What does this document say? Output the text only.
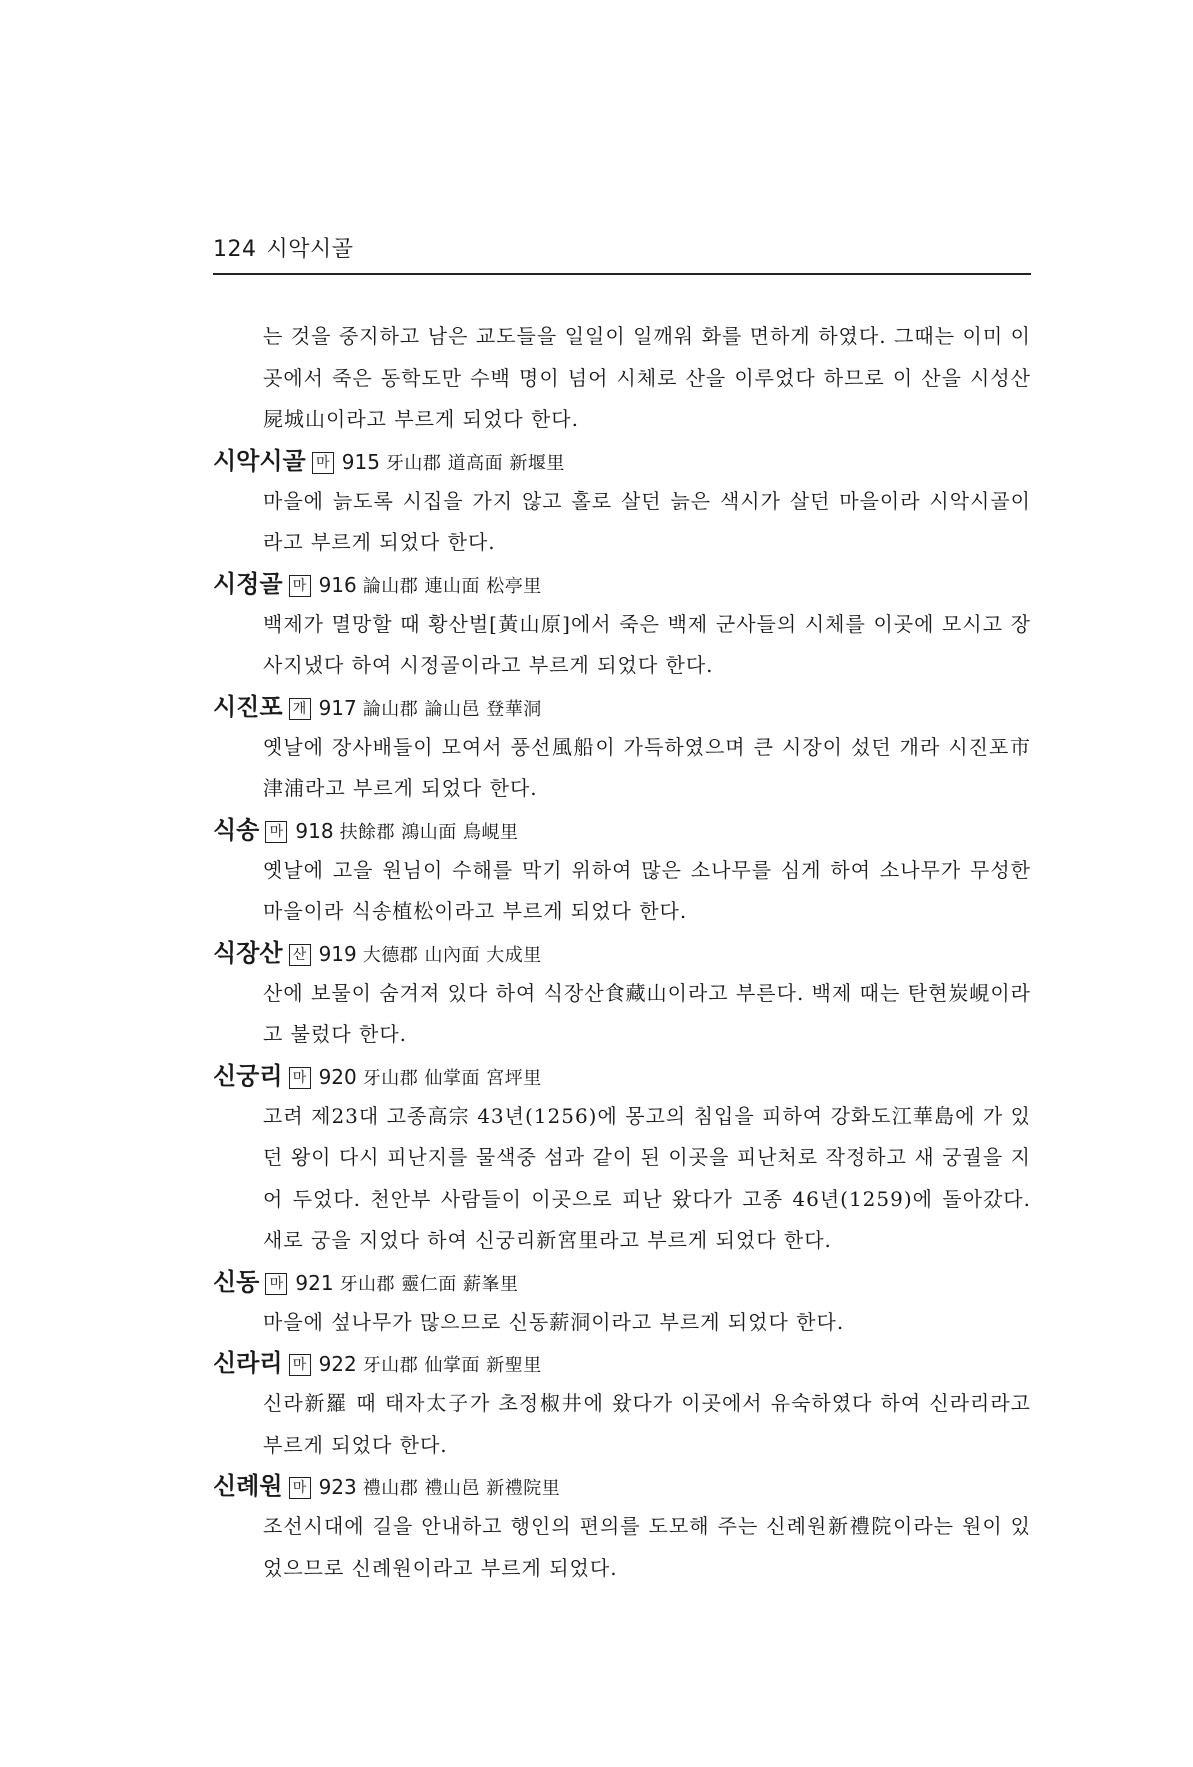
124 시악시골

는 것을 중지하고 남은 교도들을 일일이 일깨워 화를 면하게 하였다. 그때는 이미 이곳에서 죽은 동학도만 수백 명이 넘어 시체로 산을 이루었다 하므로 이 산을 시성산屍城山이라고 부르게 되었다 한다.

시악시골 마 915 牙山郡 道高面 新堰里

마을에 늙도록 시집을 가지 않고 홀로 살던 늙은 색시가 살던 마을이라 시악시골이라고 부르게 되었다 한다.

시정골 마 916 論山郡 連山面 松亭里

백제가 멸망할 때 황산벌[黃山原]에서 죽은 백제 군사들의 시체를 이곳에 모시고 장사지냈다 하여 시정골이라고 부르게 되었다 한다.

시진포 개 917 論山郡 論山邑 登華洞

옛날에 장사배들이 모여서 풍선風船이 가득하였으며 큰 시장이 섰던 개라 시진포市津浦라고 부르게 되었다 한다.

식송 마 918 扶餘郡 鴻山面 鳥峴里

옛날에 고을 원님이 수해를 막기 위하여 많은 소나무를 심게 하여 소나무가 무성한 마을이라 식송植松이라고 부르게 되었다 한다.

식장산 산 919 大德郡 山內面 大成里

산에 보물이 숨겨져 있다 하여 식장산食藏山이라고 부른다. 백제 때는 탄현炭峴이라고 불렀다 한다.

신궁리 마 920 牙山郡 仙掌面 宮坪里

고려 제23대 고종高宗 43년(1256)에 몽고의 침입을 피하여 강화도江華島에 가 있던 왕이 다시 피난지를 물색중 섬과 같이 된 이곳을 피난처로 작정하고 새 궁궐을 지어 두었다. 천안부 사람들이 이곳으로 피난 왔다가 고종 46년(1259)에 돌아갔다. 새로 궁을 지었다 하여 신궁리新宮里라고 부르게 되었다 한다.

신동 마 921 牙山郡 靈仁面 薪峯里

마을에 섶나무가 많으므로 신동薪洞이라고 부르게 되었다 한다.

신라리 마 922 牙山郡 仙掌面 新聖里

신라新羅 때 태자太子가 초정椒井에 왔다가 이곳에서 유숙하였다 하여 신라리라고 부르게 되었다 한다.

신례원 마 923 禮山郡 禮山邑 新禮院里

조선시대에 길을 안내하고 행인의 편의를 도모해 주는 신례원新禮院이라는 원이 있었으므로 신례원이라고 부르게 되었다.
